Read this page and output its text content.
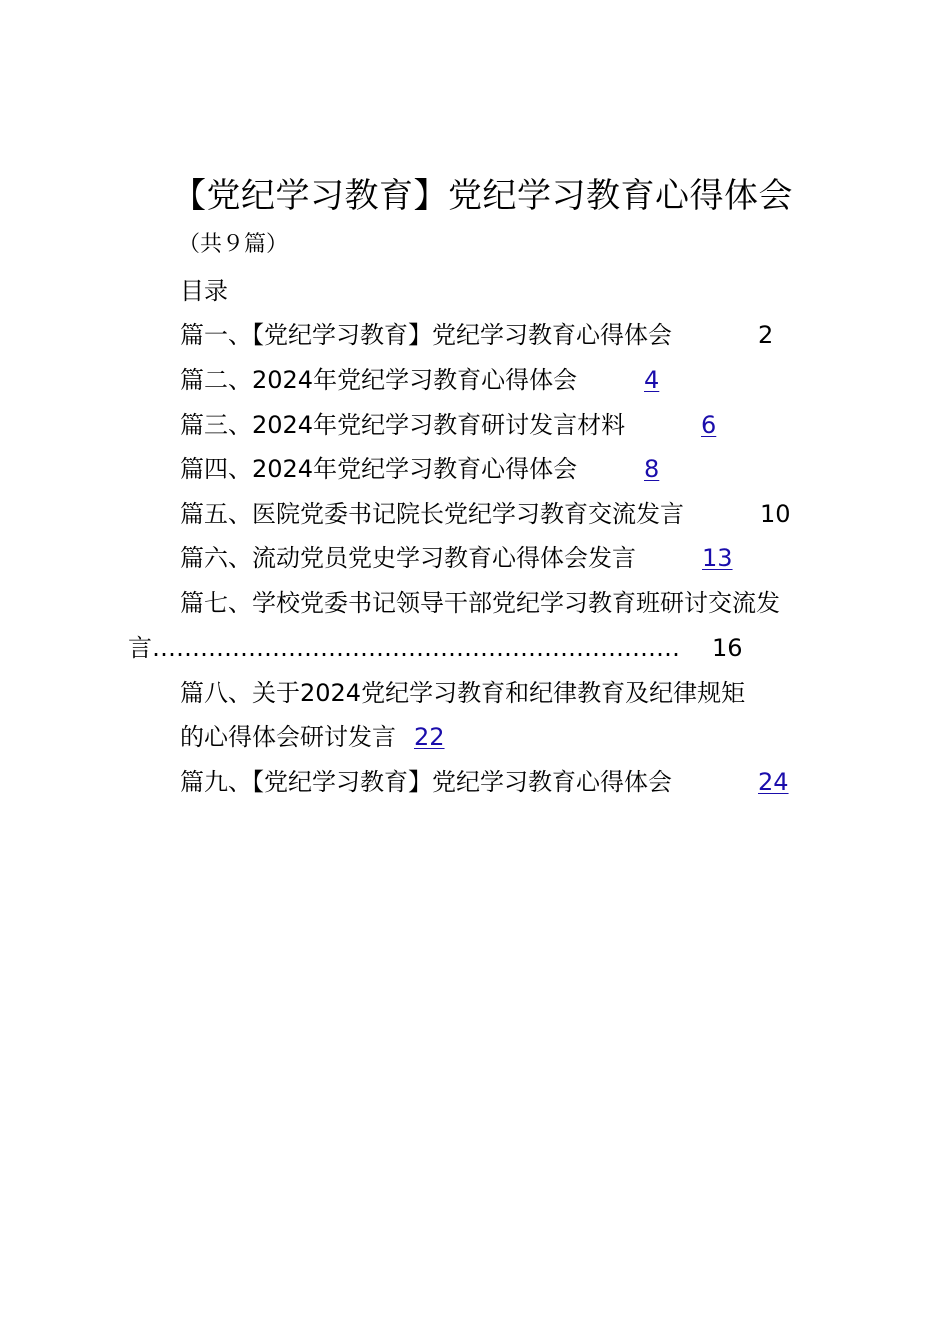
【党纪学习教育】党纪学习教育心得体会
（共９篇）
目录
篇一、【党纪学习教育】党纪学习教育心得体会	2
篇二、2024年党纪学习教育心得体会	4
篇三、2024年党纪学习教育研讨发言材料	6
篇四、2024年党纪学习教育心得体会	8
篇五、医院党委书记院长党纪学习教育交流发言	10
篇六、流动党员党史学习教育心得体会发言	13
篇七、学校党委书记领导干部党纪学习教育班研讨交流发
言………………………………………………………… 16
篇八、关于2024党纪学习教育和纪律教育及纪律规矩
的心得体会研讨发言 22
篇九、【党纪学习教育】党纪学习教育心得体会	24
